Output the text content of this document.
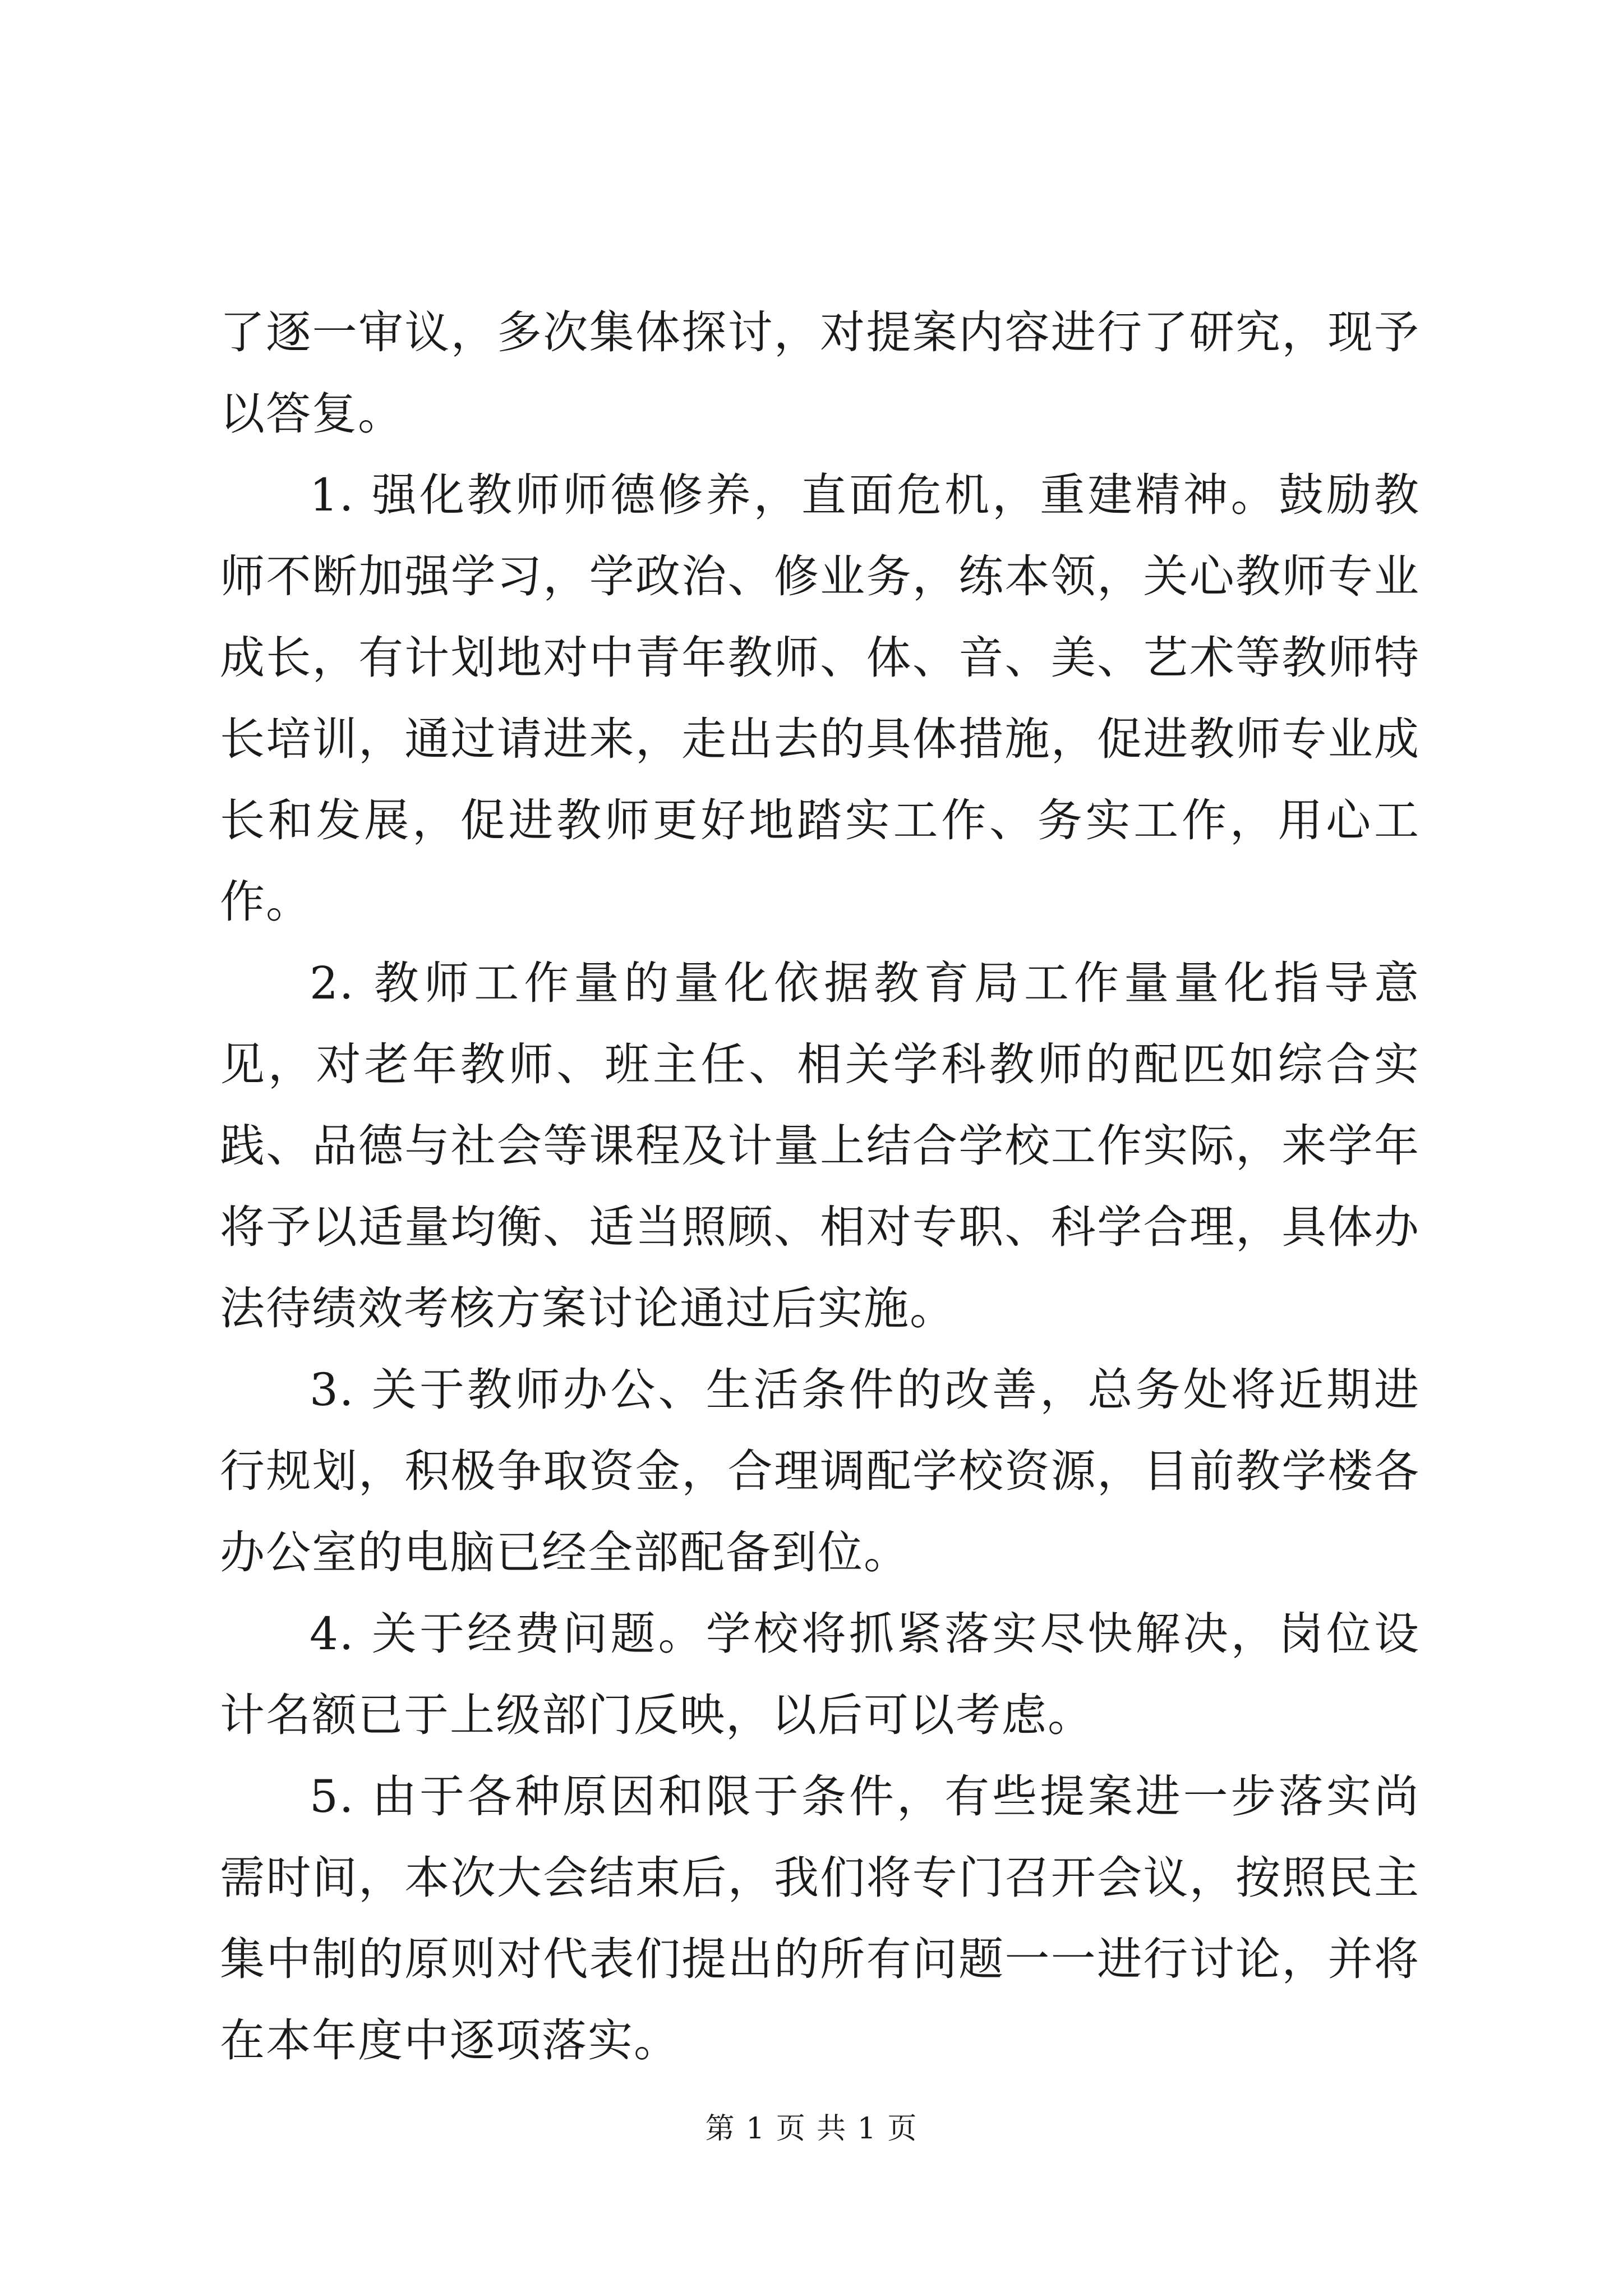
了逐一审议，多次集体探讨，对提案内容进行了研究，现予以答复。

1. 强化教师师德修养，直面危机，重建精神。鼓励教师不断加强学习，学政治、修业务，练本领，关心教师专业成长，有计划地对中青年教师、体、音、美、艺术等教师特长培训，通过请进来，走出去的具体措施，促进教师专业成长和发展，促进教师更好地踏实工作、务实工作，用心工作。

2. 教师工作量的量化依据教育局工作量量化指导意见，对老年教师、班主任、相关学科教师的配匹如综合实践、品德与社会等课程及计量上结合学校工作实际，来学年将予以适量均衡、适当照顾、相对专职、科学合理，具体办法待绩效考核方案讨论通过后实施。

3. 关于教师办公、生活条件的改善，总务处将近期进行规划，积极争取资金，合理调配学校资源，目前教学楼各办公室的电脑已经全部配备到位。

4. 关于经费问题。学校将抓紧落实尽快解决，岗位设计名额已于上级部门反映，以后可以考虑。

5. 由于各种原因和限于条件，有些提案进一步落实尚需时间，本次大会结束后，我们将专门召开会议，按照民主集中制的原则对代表们提出的所有问题一一进行讨论，并将在本年度中逐项落实。

第 1 页 共 1 页
